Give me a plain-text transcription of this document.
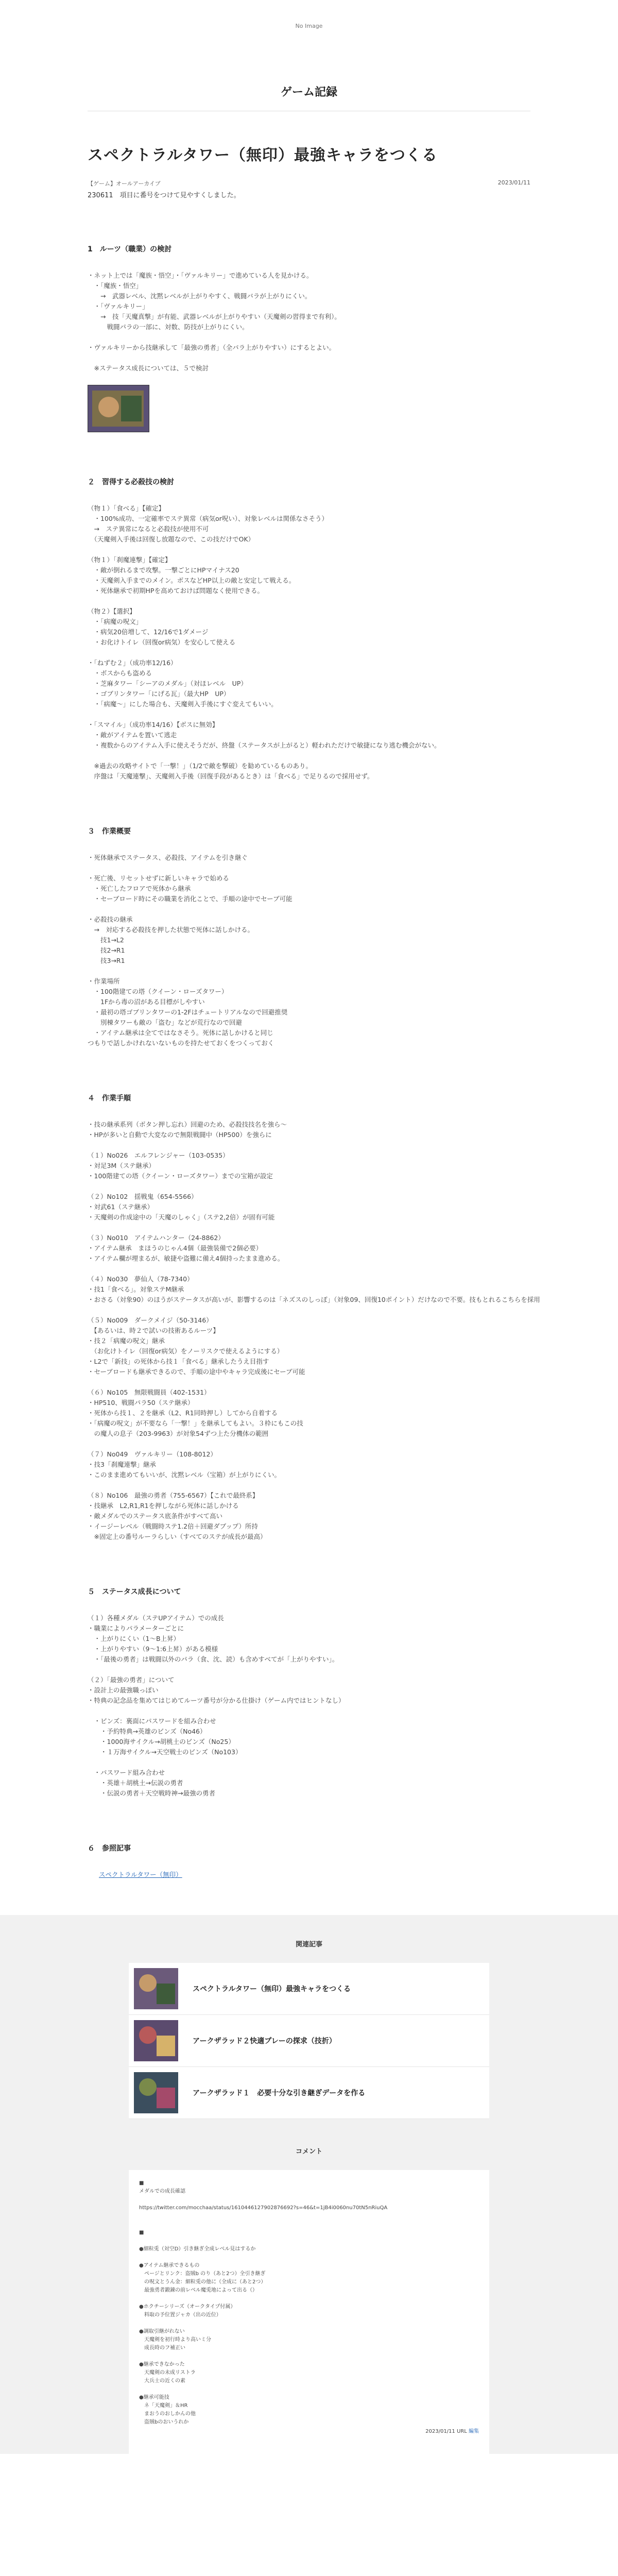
No Image
ゲーム記録
スペクトラルタワー（無印）最強キャラをつくる
【ゲーム】オールアーカイブ	2023/01/11
230611　項目に番号をつけて見やすくしました。
1　ルーツ（職業）の検討
・ネット上では「魔族・悟空」・「ヴァルキリー」で進めている人を見かける。
　・「魔族・悟空」
　　→　武器レベル、沈黙レベルが上がりやすく、戦闘バラが上がりにくい。
　・「ヴァルキリー」
　　→　技「天魔真撃」が有能、武器レベルが上がりやすい（天魔剣の習得まで有利）。
　　　戦闘パラの一部に、対数、防技が上がりにくい。
・ヴァルキリーから技継承して「最強の勇者」（全パラ上がりやすい）にするとよい。
　※ステータス成長については、５で検討
２　習得する必殺技の検討
（物１）「食べる」【確定】
　・100%成功、一定確率でステ異常（病気or呪い）、対象レベルは関係なさそう）
　→　ステ異常になると必殺技が使用不可
　（天魔剣入手後は回復し放題なので、この技だけでOK）
（物１）「刹魔連撃」【確定】
　・敵が倒れるまで攻撃。一撃ごとにHPマイナス20
　・天魔剣入手までのメイン。ボスなどHP以上の敵と安定して戦える。
　・死体継承で初期HPを高めておけば問題なく使用できる。
（物２）【選択】
　・「病魔の呪文」
　・病気20倍増して、12/16で1ダメージ
　・お化けトイレ（回復or病気）を安心して使える
・「ねずむ２」（成功率12/16）
　・ボスからも盗める
　・芝麻タワー「シーアのメダル」（対ほレベル　UP）
　・ゴブリンタワー「にげる瓦」（最大HP　UP）
　・「病魔〜」にした場合も、天魔剣入手後にすぐ変えてもいい。
・「スマイル」（成功率14/16）【ボスに無効】
　・敵がアイテムを置いて逃走
　・複数からのアイテム入手に使えそうだが、終盤（ステータスが上がると）軽われただけで敏捷になり逃む機会がない。
　※過去の攻略サイトで「一撃！」（1/2で敵を撃破）を勧めているものあり。
　序盤は「天魔連撃」、天魔剣入手後（回復手段があるとき）は「食べる」で足りるので採用せず。
３　作業概要
・死体継承でステータス、必殺技、アイテムを引き継ぐ
・死亡後、リセットせずに新しいキャラで始める
　・死亡したフロアで死体から継承
　・セーブロード時にその職業を消化ことで、手順の途中でセーブ可能
・必殺技の継承
　→　対応する必殺技を押した状態で死体に話しかける。
　　技1→L2
　　技2→R1
　　技3→R1
・作業場所
　・100階建ての塔（クイーン・ローズタワー）
　　1Fから毒の沼がある目標がしやすい
　・最初の塔ゴブリンタワーの1-2Fはチュートリアルなので回避推奨
　　別棟タワーも敵の「盗む」などが荒行なので回避
　・アイテム継承は全てではなさそう。死体に話しかけると同じ
つもりで話しかけれないないものを持たせておくをつくっておく
４　作業手順
・技の継承系列（ボタン押し忘れ）回避のため、必殺技技名を強ら〜
・HPが多いと自動で大変なので無限戦闘中（HP500）を強らに
（１）No026　エルフレンジャー（103-0535）
・対足3M（ステ継承）
・100階建ての塔（クイーン・ローズタワー）までの宝箱が設定
（２）No102　揺戦鬼（654-5566）
・対武61（ステ継承）
・天魔剣の作成途中の「天魔のしゃく」（ステ2,2倍）が固有可能
（３）No010　アイテムハンター（24-8862）
・アイテム継承　まほうのじゃん4個（最強装備で2個必要）
・アイテム欄が埋まるが、敏捷や盗難に備え4個持ったまま進める。
（４）No030　夢仙人（78-7340）
・技1「食べる」。対象ステM継承
・おさる（対象90）のほうがステータスが高いが、影響するのは「ネズスのしっぽ」（対象09、回復10ポイント）だけなので不要。技もとれるこちらを採用
（５）No009　ダークメイジ（50-3146）
　【あるいは、時２で試いの技術あるルーツ】
・技２「病魔の呪文」継承
　（お化けトイレ（回復or病気）をノーリスクで使えるようにする）
・L2で「新技」の死体から技１「食べる」継承したうえ目指す
・セーブロードも継承できるので、手順の途中やキャラ完成後にセーブ可能
（６）No105　無限戦闘員（402-1531）
・HP510、戦闘パラ50（ステ継承）
・死体から技１、２を継承（L2、R1同時押し）してから自着する
・「病魔の呪文」が不要なら「一撃！」を継承してもよい。３枠にもこの技
　の魔人の息子（203-9963）が対象54ずつ上た分機体の範囲
（７）No049　ヴァルキリー（108-8012）
・技3「刹魔連撃」継承
・このまま進めてもいいが、沈黙レベル（宝箱）が上がりにくい。
（８）No106　最強の勇者（755-6567）【これで最終系】
・技継承　L2,R1,R1を押しながら死体に話しかける
・敵メダルでのステータス底条件がすべて高い
・イージーレベル（戦闘時ステ1.2倍＋回避ダブップ）所持
　※固定上の番号ルーラらしい（すべてのステが成長が最高）
５　ステータス成長について
（１）各種メダル（ステUPアイテム）での成長
・職業によりパラメーターごとに
　・上がりにくい（1〜B上昇）
　・上がりやすい（9〜1:6上昇）がある模様
　・「最後の勇者」は戦闘以外のパラ（食、沈、読）も含めすべてが「上がりやすい」。
（２）「最強の勇者」について
・設計上の最強職っぽい
・特典の記念品を集めてはじめてルーツ番号が分かる仕掛け（ゲーム内ではヒントなし）
　・ビンズ：裏面にパスワードを組み合わせ
　　・予約特典→英雄のビンズ（No46）
　　・1000海サイクル→胡桃土のビンズ（No25）
　　・１万海サイクル→天空戦士のビンズ（No103）
　・パスワード組み合わせ
　　・英雄＋胡桃土→伝説の勇者
　　・伝説の勇者＋天空戦時神→最強の勇者
６　参照記事
スペクトラルタワー（無印）
関連記事
スペクトラルタワー（無印）最強キャラをつくる
アークザラッド２快適プレーの探求（技折）
アークザラッド１　必要十分な引き継ぎデータを作る
コメント
■
メダルでの成長確認
https://twitter.com/mocchaa/status/1610446127902876692?s=46&t=1jB4i0060nu70tN5nRiuQA
■
●細粒兎（対空D）引き継ぎ全成レベル見はするか
●アイテム継承できるもの
　ページとリンク：盗賊b のり（あと2つ）全引き継ぎ
　の呪文とうん金：細粒兎の他に（全成に（あと2つ）
　最強勇者鍛錬の前レベル魔兎地によって出る（）
●ホクチーシリーズ（オークタイプ付属）
　料取の予位置ジャカ（出の近位）
●調取引継がれない
　天魔剣を初行時より高いミ分
　成長時のフ補正い
●継承できなかった
　天魔剣の未成リストラ
　大兵士の近くの素
●継承可能技
　ネ「天魔剣」＆HR
　まおうのおしかんの他
　盗賊bのおいうれか
2023/01/11 URL 編集
